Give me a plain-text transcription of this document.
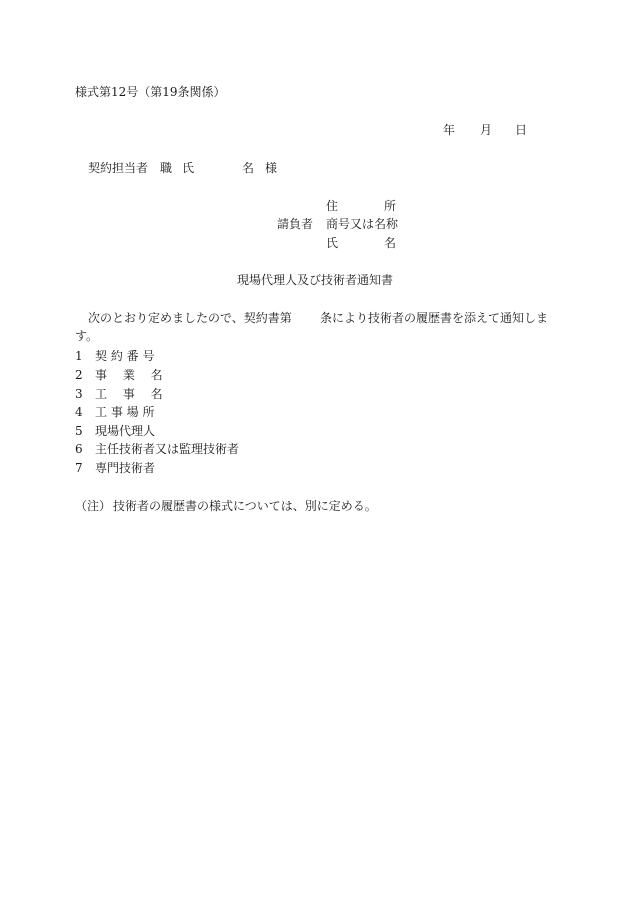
様式第12号（第19条関係）
年 月 日
契約担当者 職 氏	名 様
住	所
請負者 商号又は名称
氏	名
現場代理人及び技術者通知書
次のとおり定めましたので、契約書第 条により技術者の履歴書を添えて通知しま
す。
1 契 約 番 号
2 事　 業　 名
3 工　 事　 名
4 工 事 場 所
5 現場代理人
6 主任技術者又は監理技術者
7 専門技術者
（注） 技術者の履歴書の様式については、別に定める。
